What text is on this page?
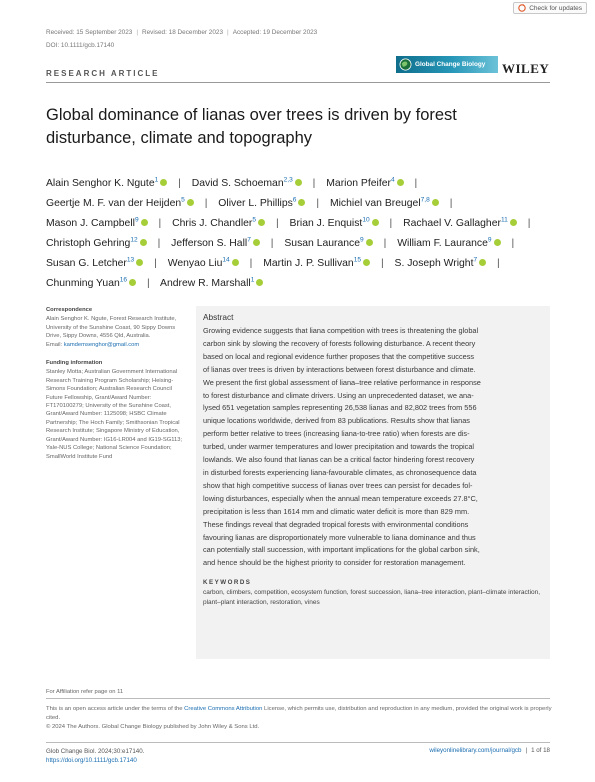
Check for updates
Received: 15 September 2023 | Revised: 18 December 2023 | Accepted: 19 December 2023
DOI: 10.1111/gcb.17140
RESEARCH ARTICLE
Global Change Biology WILEY
Global dominance of lianas over trees is driven by forest disturbance, climate and topography
Alain Senghor K. Ngute$^1$ | David S. Schoeman$^{2,3}$ | Marion Pfeifer$^4$ | Geertje M. F. van der Heijden$^5$ | Oliver L. Phillips$^6$ | Michiel van Breugel$^{7,8}$ | Mason J. Campbell$^9$ | Chris J. Chandler$^5$ | Brian J. Enquist$^{10}$ | Rachael V. Gallagher$^{11}$ | Christoph Gehring$^{12}$ | Jefferson S. Hall$^7$ | Susan Laurance$^9$ | William F. Laurance$^9$ | Susan G. Letcher$^{13}$ | Wenyao Liu$^{14}$ | Martin J. P. Sullivan$^{15}$ | S. Joseph Wright$^7$ | Chunming Yuan$^{16}$ | Andrew R. Marshall$^1$
Correspondence
Alain Senghor K. Ngute, Forest Research Institute, University of the Sunshine Coast, 90 Sippy Downs Drive, Sippy Downs, 4556 Qld, Australia.
Email: kamdemsenghor@gmail.com
Funding information
Stanley Motta; Australian Government International Research Training Program Scholarship; Heising-Simons Foundation; Australian Research Council Future Fellowship, Grant/Award Number: FT170100279; University of the Sunshine Coast, Grant/Award Number: 1125098; HSBC Climate Partnership; The Hoch Family; Smithsonian Tropical Research Institute; Singapore Ministry of Education, Grant/Award Number: IG16-LR004 and IG19-SG113; Yale-NUS College; National Science Foundation; SmallWorld Institute Fund
Abstract
Growing evidence suggests that liana competition with trees is threatening the global
carbon sink by slowing the recovery of forests following disturbance. A recent theory
based on local and regional evidence further proposes that the competitive success
of lianas over trees is driven by interactions between forest disturbance and climate.
We present the first global assessment of liana–tree relative performance in response
to forest disturbance and climate drivers. Using an unprecedented dataset, we ana-
lysed 651 vegetation samples representing 26,538 lianas and 82,802 trees from 556
unique locations worldwide, derived from 83 publications. Results show that lianas
perform better relative to trees (increasing liana-to-tree ratio) when forests are dis-
turbed, under warmer temperatures and lower precipitation and towards the tropical
lowlands. We also found that lianas can be a critical factor hindering forest recovery
in disturbed forests experiencing liana-favourable climates, as chronosequence data
show that high competitive success of lianas over trees can persist for decades fol-
lowing disturbances, especially when the annual mean temperature exceeds 27.8°C,
precipitation is less than 1614 mm and climatic water deficit is more than 829 mm.
These findings reveal that degraded tropical forests with environmental conditions
favouring lianas are disproportionately more vulnerable to liana dominance and thus
can potentially stall succession, with important implications for the global carbon sink,
and hence should be the highest priority to consider for restoration management.
KEYWORDS
carbon, climbers, competition, ecosystem function, forest succession, liana–tree interaction, plant–climate interaction, plant–plant interaction, restoration, vines
For Affiliation refer page on 11
This is an open access article under the terms of the Creative Commons Attribution License, which permits use, distribution and reproduction in any medium, provided the original work is properly cited.
© 2024 The Authors. Global Change Biology published by John Wiley & Sons Ltd.
Glob Change Biol. 2024;30:e17140.
https://doi.org/10.1111/gcb.17140
wileyonlinelibrary.com/journal/gcb | 1 of 18
